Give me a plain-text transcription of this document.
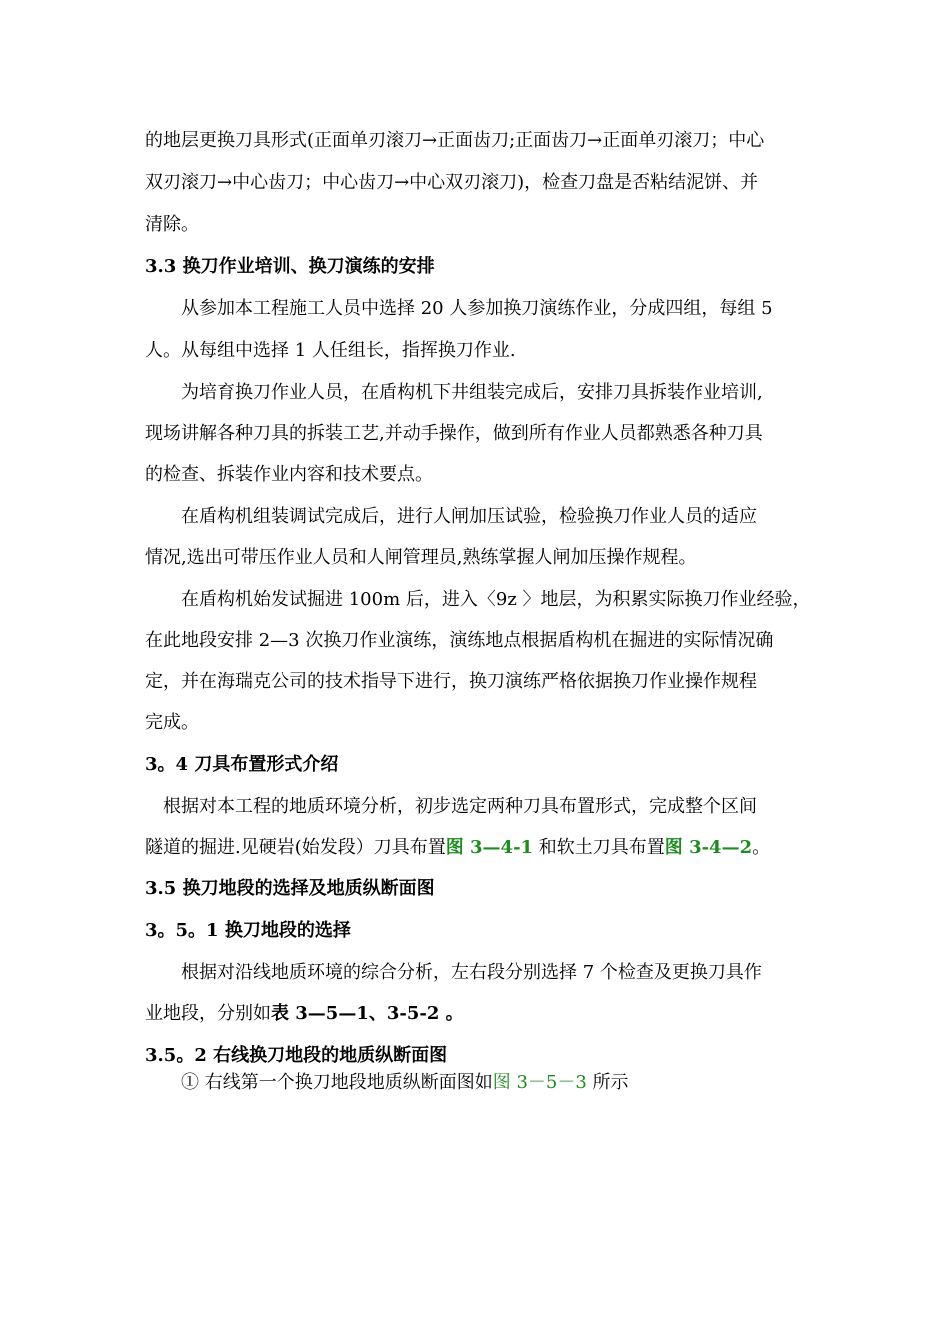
的地层更换刀具形式(正面单刃滚刀→正面齿刀;正面齿刀→正面单刃滚刀；中心
双刃滚刀→中心齿刀；中心齿刀→中心双刃滚刀)，检查刀盘是否粘结泥饼、并
清除。
3.3 换刀作业培训、换刀演练的安排
从参加本工程施工人员中选择 20 人参加换刀演练作业，分成四组，每组 5
人。从每组中选择 1 人任组长，指挥换刀作业.
为培育换刀作业人员，在盾构机下井组装完成后，安排刀具拆装作业培训,
现场讲解各种刀具的拆装工艺,并动手操作，做到所有作业人员都熟悉各种刀具
的检查、拆装作业内容和技术要点。
在盾构机组装调试完成后，进行人闸加压试验，检验换刀作业人员的适应
情况,选出可带压作业人员和人闸管理员,熟练掌握人闸加压操作规程。
在盾构机始发试掘进 100m 后，进入〈9z 〉地层，为积累实际换刀作业经验，
在此地段安排 2—3 次换刀作业演练，演练地点根据盾构机在掘进的实际情况确
定，并在海瑞克公司的技术指导下进行，换刀演练严格依据换刀作业操作规程
完成。
3。4 刀具布置形式介绍
根据对本工程的地质环境分析，初步选定两种刀具布置形式，完成整个区间
隧道的掘进.见硬岩(始发段）刀具布置图 3—4-1 和软土刀具布置图 3-4—2。
3.5 换刀地段的选择及地质纵断面图
3。5。1 换刀地段的选择
根据对沿线地质环境的综合分析，左右段分别选择 7 个检查及更换刀具作
业地段，分别如表 3—5—1、3-5-2 。
3.5。2 右线换刀地段的地质纵断面图
① 右线第一个换刀地段地质纵断面图如图 3－5－3 所示
